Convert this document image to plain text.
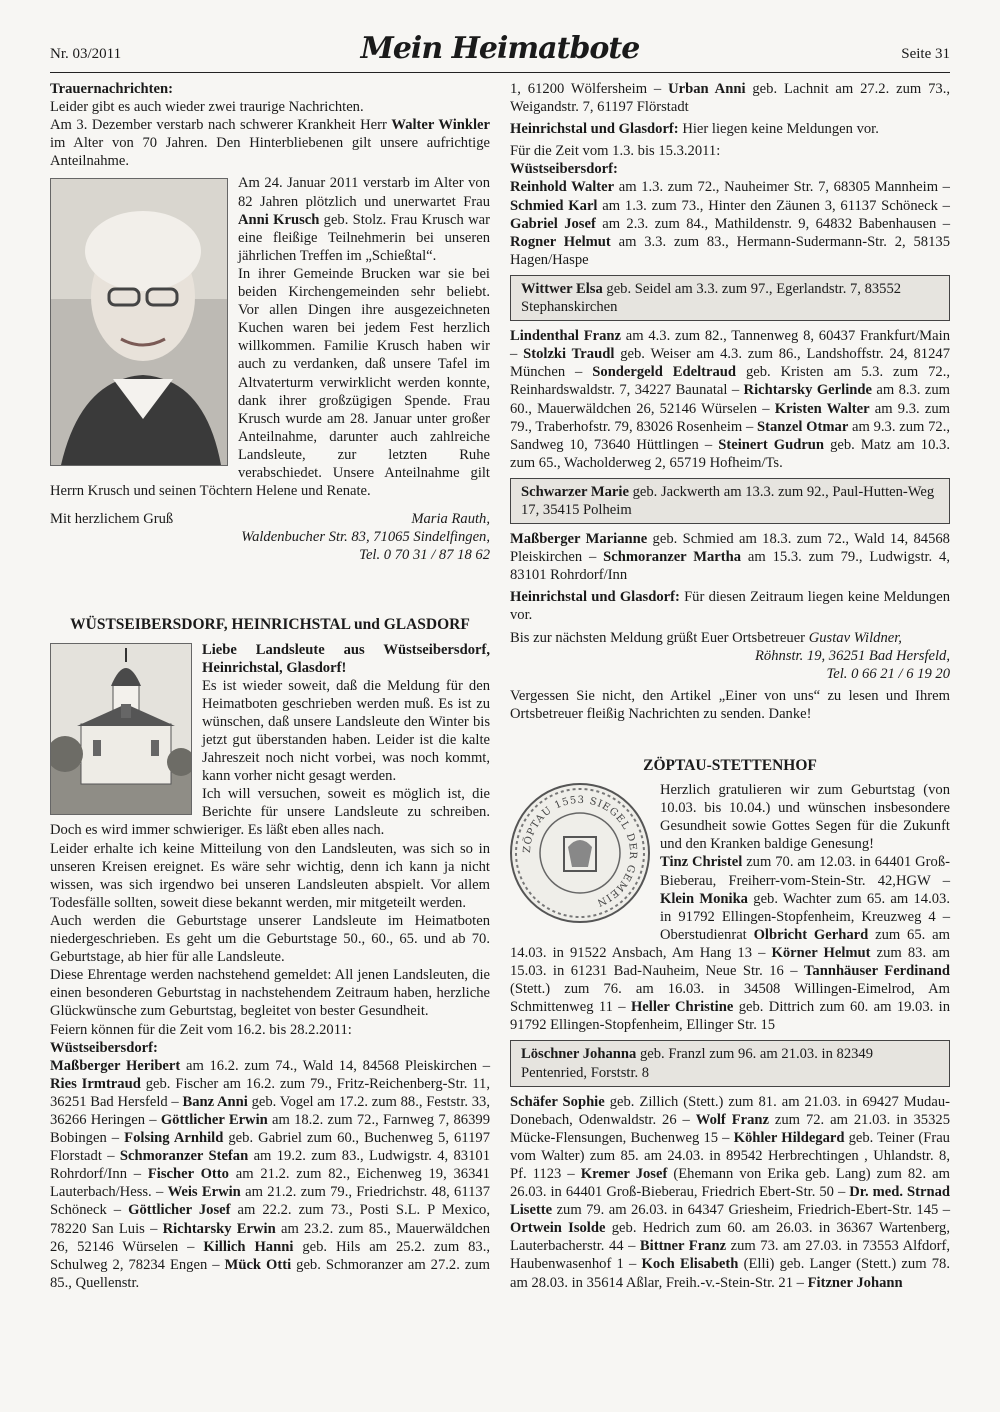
Nr. 03/2011	Mein Heimatbote	Seite 31

Trauernachrichten:

Leider gibt es auch wieder zwei traurige Nachrichten.

Am 3. Dezember verstarb nach schwerer Krankheit Herr Walter Winkler im Alter von 70 Jahren. Den Hinterbliebenen gilt unsere aufrichtige Anteilnahme.

Am 24. Januar 2011 verstarb im Alter von 82 Jahren plötzlich und unerwartet Frau Anni Krusch geb. Stolz. Frau Krusch war eine fleißige Teilnehmerin bei unseren jährlichen Treffen im „Schießtal“.

In ihrer Gemeinde Brucken war sie bei beiden Kirchengemeinden sehr beliebt. Vor allen Dingen ihre ausgezeichneten Kuchen waren bei jedem Fest herzlich willkommen. Familie Krusch haben wir auch zu verdanken, daß unsere Tafel im Altvaterturm verwirklicht werden konnte, dank ihrer großzügigen Spende. Frau Krusch wurde am 28. Januar unter großer Anteilnahme, darunter auch zahlreiche Landsleute, zur letzten Ruhe verabschiedet. Unsere Anteilnahme gilt Herrn Krusch und seinen Töchtern Helene und Renate.

Mit herzlichem Gruß	Maria Rauth,

Waldenbucher Str. 83, 71065 Sindelfingen,

Tel. 0 70 31 / 87 18 62

WÜSTSEIBERSDORF, HEINRICHSTAL und GLASDORF

Liebe Landsleute aus Wüstseibersdorf, Heinrichstal, Glasdorf!

Es ist wieder soweit, daß die Meldung für den Heimatboten geschrieben werden muß. Es ist zu wünschen, daß unsere Landsleute den Winter bis jetzt gut überstanden haben. Leider ist die kalte Jahreszeit noch nicht vorbei, was noch kommt, kann vorher nicht gesagt werden.

Ich will versuchen, soweit es möglich ist, die Berichte für unsere Landsleute zu schreiben. Doch es wird immer schwieriger. Es läßt eben alles nach.

Leider erhalte ich keine Mitteilung von den Landsleuten, was sich so in unseren Kreisen ereignet. Es wäre sehr wichtig, denn ich kann ja nicht wissen, was sich irgendwo bei unseren Landsleuten abspielt. Vor allem Todesfälle sollten, soweit diese bekannt werden, mir mitgeteilt werden.

Auch werden die Geburtstage unserer Landsleute im Heimatboten niedergeschrieben. Es geht um die Geburtstage 50., 60., 65. und ab 70. Geburtstage, ab hier für alle Landsleute.

Diese Ehrentage werden nachstehend gemeldet: All jenen Landsleuten, die einen besonderen Geburtstag in nachstehendem Zeitraum haben, herzliche Glückwünsche zum Geburtstag, begleitet von bester Gesundheit.

Feiern können für die Zeit vom 16.2. bis 28.2.2011:

Wüstseibersdorf:

Maßberger Heribert am 16.2. zum 74., Wald 14, 84568 Pleiskirchen – Ries Irmtraud geb. Fischer am 16.2. zum 79., Fritz-Reichenberg-Str. 11, 36251 Bad Hersfeld – Banz Anni geb. Vogel am 17.2. zum 88., Feststr. 33, 36266 Heringen – Göttlicher Erwin am 18.2. zum 72., Farnweg 7, 86399 Bobingen – Folsing Arnhild geb. Gabriel zum 60., Buchenweg 5, 61197 Florstadt – Schmoranzer Stefan am 19.2. zum 83., Ludwigstr. 4, 83101 Rohrdorf/Inn – Fischer Otto am 21.2. zum 82., Eichenweg 19, 36341 Lauterbach/Hess. – Weis Erwin am 21.2. zum 79., Friedrichstr. 48, 61137 Schöneck – Göttlicher Josef am 22.2. zum 73., Posti S.L. P Mexico, 78220 San Luis – Richtarsky Erwin am 23.2. zum 85., Mauerwäldchen 26, 52146 Würselen – Killich Hanni geb. Hils am 25.2. zum 83., Schulweg 2, 78234 Engen – Mück Otti geb. Schmoranzer am 27.2. zum 85., Quellenstr.

1, 61200 Wölfersheim – Urban Anni geb. Lachnit am 27.2. zum 73., Weigandstr. 7, 61197 Flörstadt

Heinrichstal und Glasdorf: Hier liegen keine Meldungen vor.

Für die Zeit vom 1.3. bis 15.3.2011:

Wüstseibersdorf:

Reinhold Walter am 1.3. zum 72., Nauheimer Str. 7, 68305 Mannheim – Schmied Karl am 1.3. zum 73., Hinter den Zäunen 3, 61137 Schöneck – Gabriel Josef am 2.3. zum 84., Mathildenstr. 9, 64832 Babenhausen – Rogner Helmut am 3.3. zum 83., Hermann-Sudermann-Str. 2, 58135 Hagen/Haspe

Wittwer Elsa geb. Seidel am 3.3. zum 97., Egerlandstr. 7, 83552 Stephanskirchen

Lindenthal Franz am 4.3. zum 82., Tannenweg 8, 60437 Frankfurt/Main – Stolzki Traudl geb. Weiser am 4.3. zum 86., Landshoffstr. 24, 81247 München – Sondergeld Edeltraud geb. Kristen am 5.3. zum 72., Reinhardswaldstr. 7, 34227 Baunatal – Richtarsky Gerlinde am 8.3. zum 60., Mauerwäldchen 26, 52146 Würselen – Kristen Walter am 9.3. zum 79., Traberhofstr. 79, 83026 Rosenheim – Stanzel Otmar am 9.3. zum 72., Sandweg 10, 73640 Hüttlingen – Steinert Gudrun geb. Matz am 10.3. zum 65., Wacholderweg 2, 65719 Hofheim/Ts.

Schwarzer Marie geb. Jackwerth am 13.3. zum 92., Paul-Hutten-Weg 17, 35415 Polheim

Maßberger Marianne geb. Schmied am 18.3. zum 72., Wald 14, 84568 Pleiskirchen – Schmoranzer Martha am 15.3. zum 79., Ludwigstr. 4, 83101 Rohrdorf/Inn

Heinrichstal und Glasdorf: Für diesen Zeitraum liegen keine Meldungen vor.

Bis zur nächsten Meldung grüßt Euer Ortsbetreuer Gustav Wildner,

Röhnstr. 19, 36251 Bad Hersfeld,

Tel. 0 66 21 / 6 19 20

Vergessen Sie nicht, den Artikel „Einer von uns“ zu lesen und Ihrem Ortsbetreuer fleißig Nachrichten zu senden. Danke!

ZÖPTAU-STETTENHOF
ZÖPTAU 1553 SIEGEL DER GEMEIN

Herzlich gratulieren wir zum Geburtstag (von 10.03. bis 10.04.) und wünschen insbesondere Gesundheit sowie Gottes Segen für die Zukunft und den Kranken baldige Genesung!

Tinz Christel zum 70. am 12.03. in 64401 Groß-Bieberau, Freiherr-vom-Stein-Str. 42,HGW – Klein Monika geb. Wachter zum 65. am 14.03. in 91792 Ellingen-Stopfenheim, Kreuzweg 4 – Oberstudienrat Olbricht Gerhard zum 65. am 14.03. in 91522 Ansbach, Am Hang 13 – Körner Helmut zum 83. am 15.03. in 61231 Bad-Nauheim, Neue Str. 16 – Tannhäuser Ferdinand (Stett.) zum 76. am 16.03. in 34508 Willingen-Eimelrod, Am Schmittenweg 11 – Heller Christine geb. Dittrich zum 60. am 19.03. in 91792 Ellingen-Stopfenheim, Ellinger Str. 15

Löschner Johanna geb. Franzl zum 96. am 21.03. in 82349 Pentenried, Forststr. 8

Schäfer Sophie geb. Zillich (Stett.) zum 81. am 21.03. in 69427 Mudau-Donebach, Odenwaldstr. 26 – Wolf Franz zum 72. am 21.03. in 35325 Mücke-Flensungen, Buchenweg 15 – Köhler Hildegard geb. Teiner (Frau vom Walter) zum 85. am 24.03. in 89542 Herbrechtingen , Uhlandstr. 8, Pf. 1123 – Kremer Josef (Ehemann von Erika geb. Lang) zum 82. am 26.03. in 64401 Groß-Bieberau, Friedrich Ebert-Str. 50 – Dr. med. Strnad Lisette zum 79. am 26.03. in 64347 Griesheim, Friedrich-Ebert-Str. 145 – Ortwein Isolde geb. Hedrich zum 60. am 26.03. in 36367 Wartenberg, Lauterbacherstr. 44 – Bittner Franz zum 73. am 27.03. in 73553 Alfdorf, Haubenwasenhof 1 – Koch Elisabeth (Elli) geb. Langer (Stett.) zum 78. am 28.03. in 35614 Aßlar, Freih.-v.-Stein-Str. 21 – Fitzner Johann
